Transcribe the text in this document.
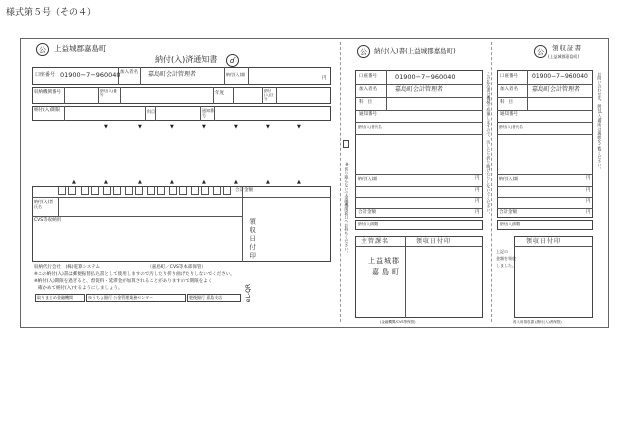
様式第５号（その４）
公	上益城郡嘉島町
納付(入)済通知書	ɗ
口座番号 01900−7−960040 加入者名 嘉島町会計管理者	納付(入)額
円
収納機関番号	納付(入)番号	年度	納付(入)区分
納付(入)期限	科目	通知番号
▼	▼	▼	▼	▼	▼	▼
▲	▲	▲	▲	▲	▲	▲	▲
合計金額
納付(入)者氏名
CVS等収納用	領収日付印
収納代行会社　(株)電算システム　　　　　　　　　　　（嘉島町／CVS等本部保管）
※この納付(入)書は郵便振替払込書として使用しますので汚したり折り曲げたりしないでください。
※納付(入)期限を過ぎると、督促料・延滞金が加算されることがありますので期限をよく
確かめて納付(入)するようにしましょう。
取りまとめ金融機関	ゆうちょ銀行 公金管理業務センター	肥後銀行 嘉島支店	eL-QR
※切り取らないで金融機関窓口へお持ちください。
公	納付(入)書(上益城郡嘉島町)
口座番号	01900−7−960040
加入者名	嘉島町会計管理者
科目
通知番号
納付(入)者氏名
納付(入)額	円
円
円
合計金額	円
納付(入)期限
主管課名	領収日付印
上益城郡
嘉島町
(金融機関/CVS等保管)
この払込書は機械で処理しますので、汚したり折り曲げたりしないでください。
公	領収証書
(上益城郡嘉島町)
口座番号 01900−7−960040
加入者名 嘉島町会計管理者
科目
通知番号
納付(入)者氏名
納付(入)額	円
円
円
合計金額	円
納付(入)期限
領収日付印
上記の
金額を領収
しました。
再入用領収書 (納付(入)者保管)
お問い合わせ先、納付(入)場所は裏面をご覧ください。
